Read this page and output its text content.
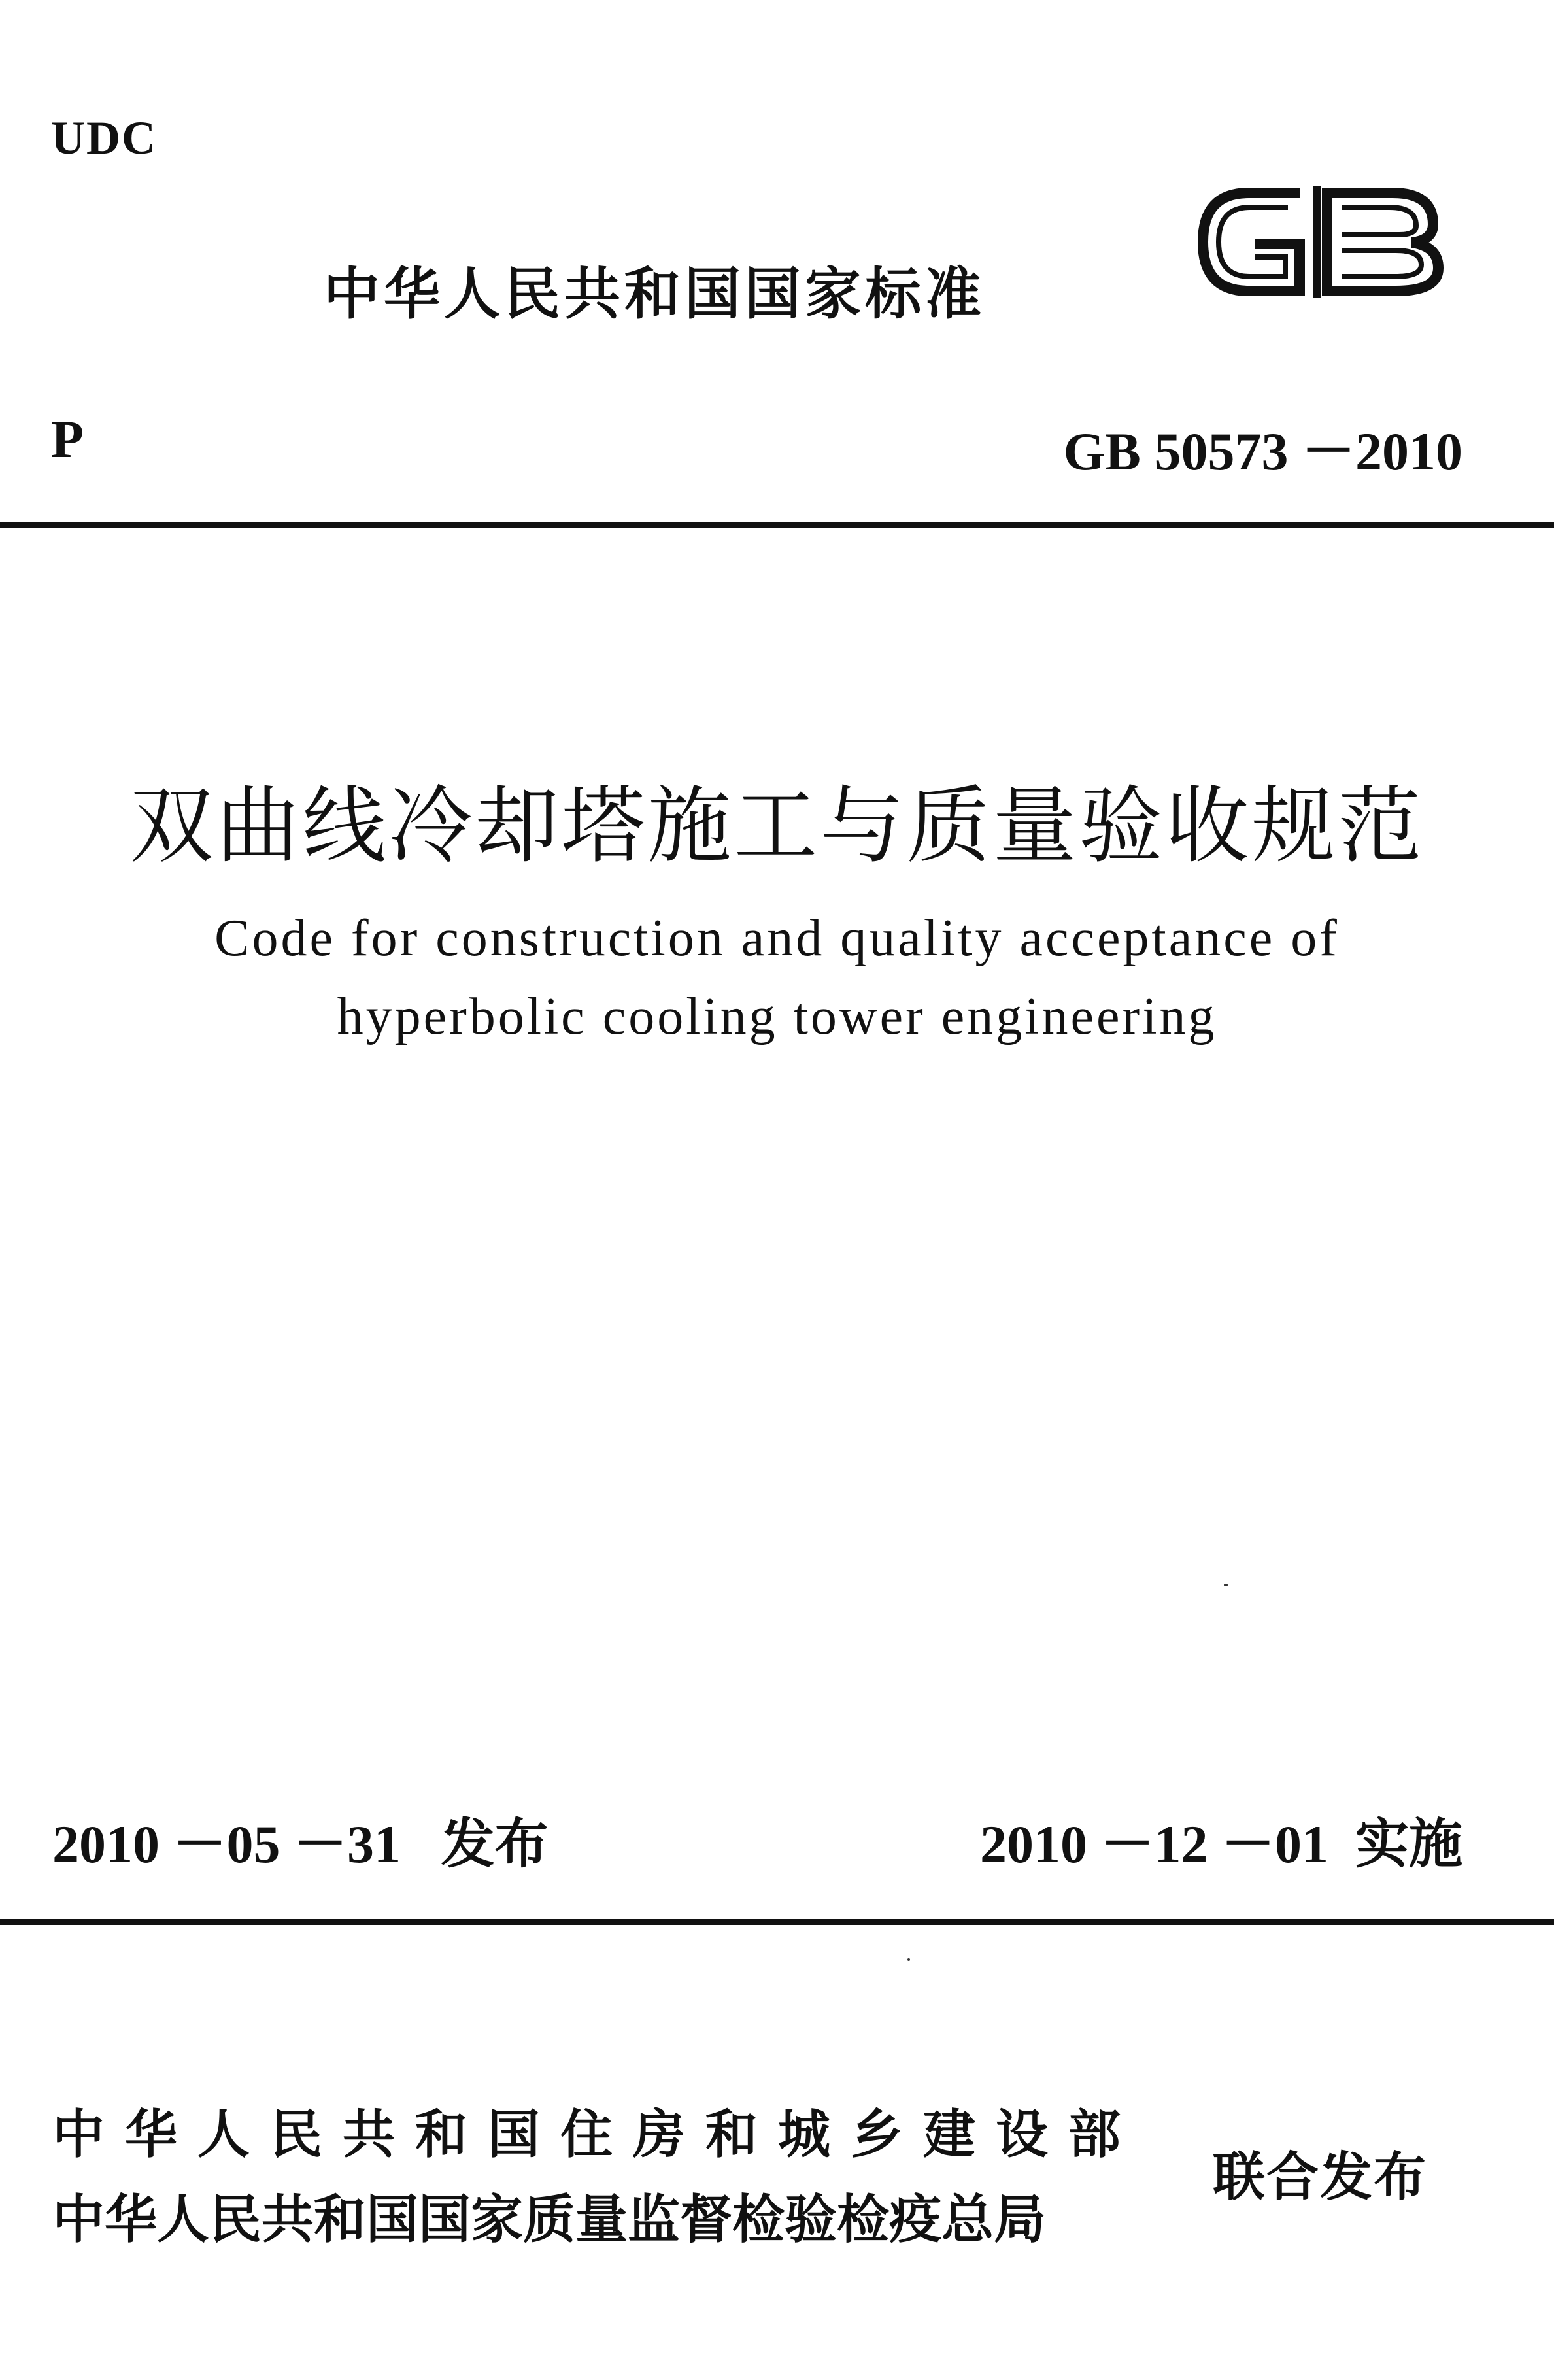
UDC
中华人民共和国国家标准
P	GB 50573 －2010
双曲线冷却塔施工与质量验收规范
Code for construction and quality acceptance of
hyperbolic cooling tower engineering
2010 －05 －31 发布	2010 －12 －01 实施
中华人民共和国住房和城乡建设部
中华人民共和国国家质量监督检验检疫总局
联合发布
